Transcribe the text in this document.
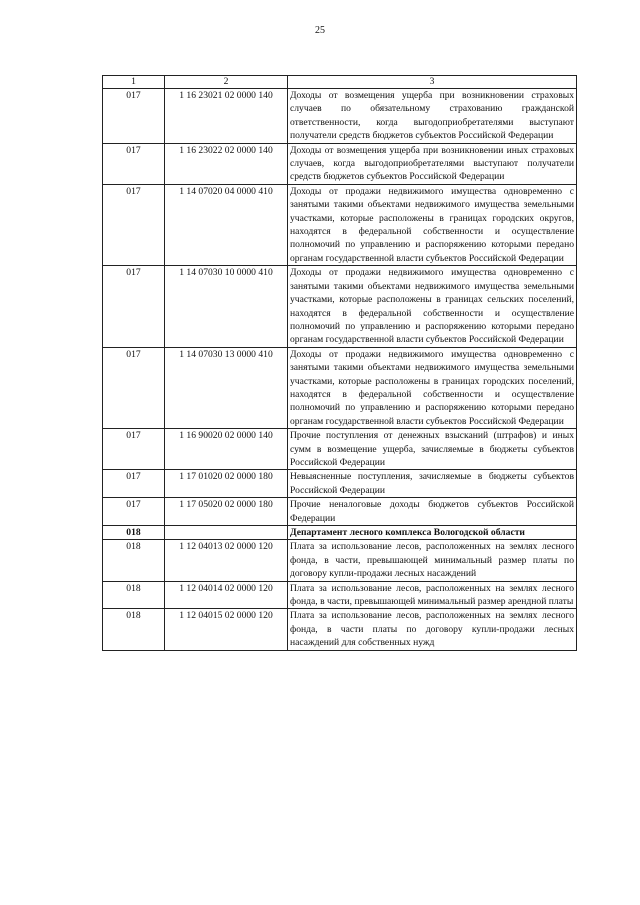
25
1	2	3
017	1 16 23021 02 0000 140	Доходы от возмещения ущерба при возникновении страховых случаев по обязательному страхованию гражданской ответственности, когда выгодоприобретателями выступают получатели средств бюджетов субъектов Российской Федерации
017	1 16 23022 02 0000 140	Доходы от возмещения ущерба при возникновении иных страховых случаев, когда выгодоприобретателями выступают получатели средств бюджетов субъектов Российской Федерации
017	1 14 07020 04 0000 410	Доходы от продажи недвижимого имущества одновременно с занятыми такими объектами недвижимого имущества земельными участками, которые расположены в границах городских округов, находятся в федеральной собственности и осуществление полномочий по управлению и распоряжению которыми передано органам государственной власти субъектов Российской Федерации
017	1 14 07030 10 0000 410	Доходы от продажи недвижимого имущества одновременно с занятыми такими объектами недвижимого имущества земельными участками, которые расположены в границах сельских поселений, находятся в федеральной собственности и осуществление полномочий по управлению и распоряжению которыми передано органам государственной власти субъектов Российской Федерации
017	1 14 07030 13 0000 410	Доходы от продажи недвижимого имущества одновременно с занятыми такими объектами недвижимого имущества земельными участками, которые расположены в границах городских поселений, находятся в федеральной собственности и осуществление полномочий по управлению и распоряжению которыми передано органам государственной власти субъектов Российской Федерации
017	1 16 90020 02 0000 140	Прочие поступления от денежных взысканий (штрафов) и иных сумм в возмещение ущерба, зачисляемые в бюджеты субъектов Российской Федерации
017	1 17 01020 02 0000 180	Невыясненные поступления, зачисляемые в бюджеты субъектов Российской Федерации
017	1 17 05020 02 0000 180	Прочие неналоговые доходы бюджетов субъектов Российской Федерации
018		Департамент лесного комплекса Вологодской области
018	1 12 04013 02 0000 120	Плата за использование лесов, расположенных на землях лесного фонда, в части, превышающей минимальный размер платы по договору купли-продажи лесных насаждений
018	1 12 04014 02 0000 120	Плата за использование лесов, расположенных на землях лесного фонда, в части, превышающей минимальный размер арендной платы
018	1 12 04015 02 0000 120	Плата за использование лесов, расположенных на землях лесного фонда, в части платы по договору купли-продажи лесных насаждений для собственных нужд
